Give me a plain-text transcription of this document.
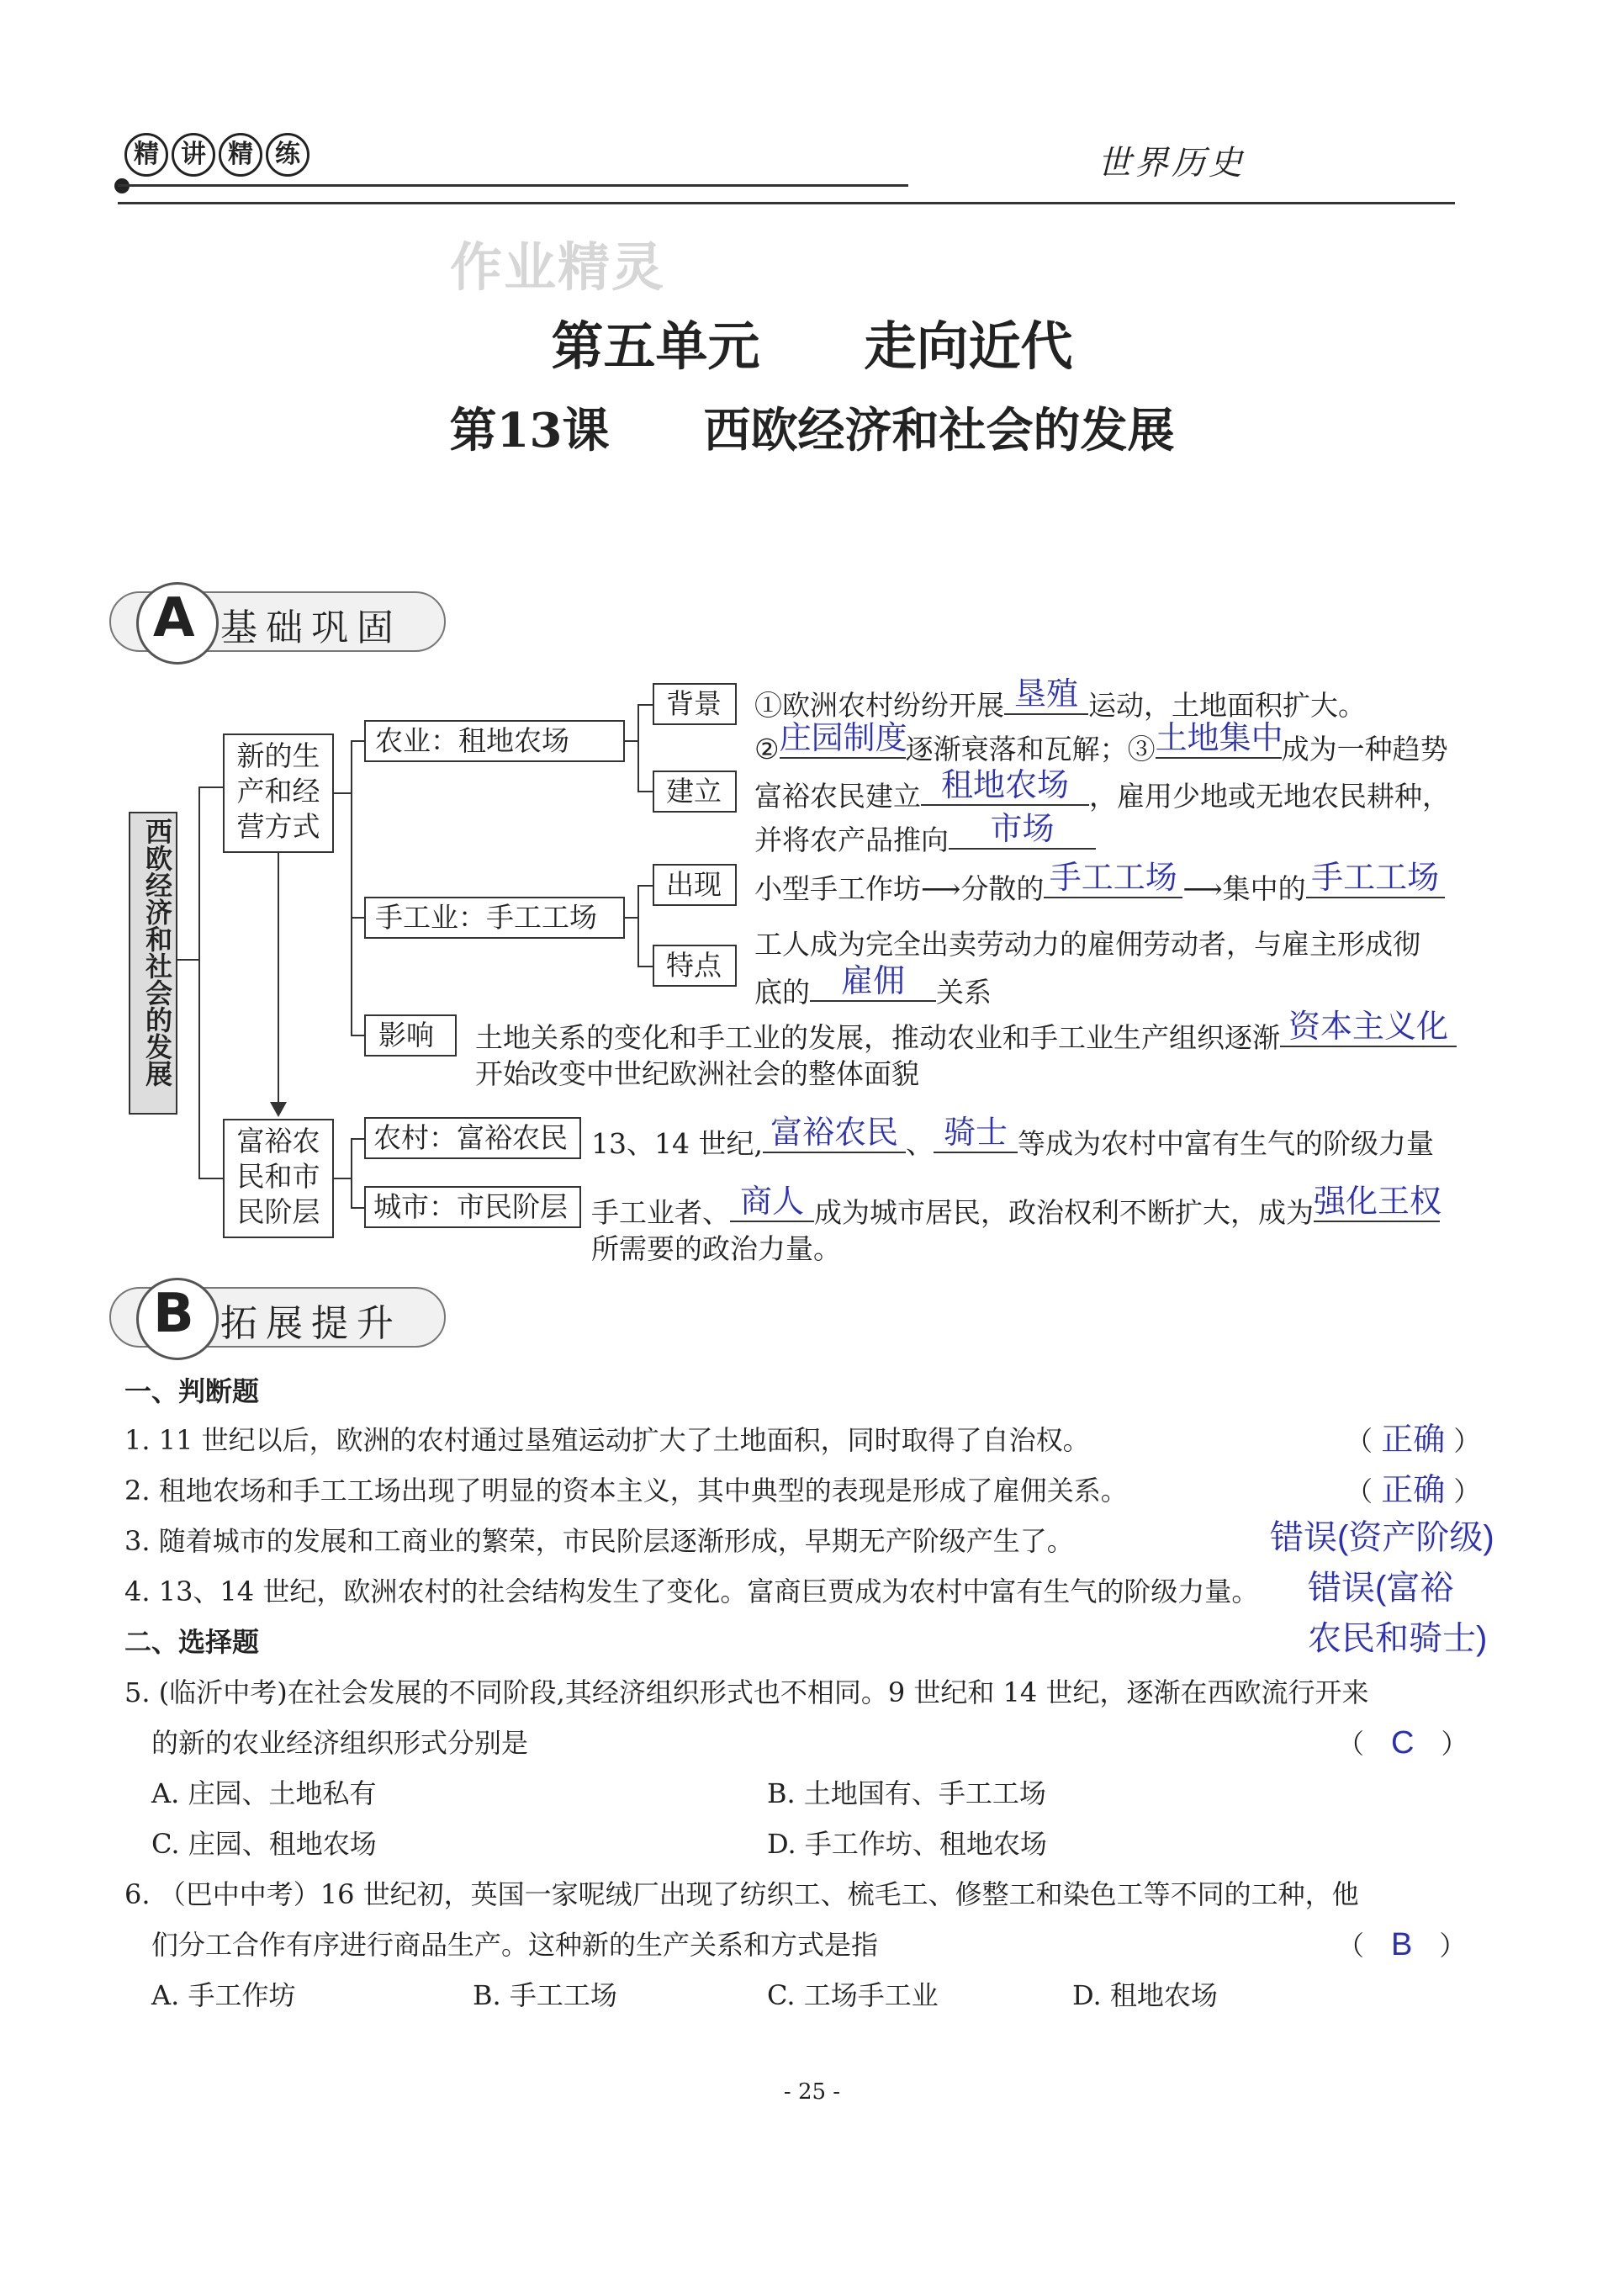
精 讲 精 练	世界历史
作业精灵
第五单元　　走向近代
第13课　　西欧经济和社会的发展
A 基础巩固
西欧经济和社会的发展
新的生产和经营方式
富裕农民和市民阶层
农业：租地农场
手工业：手工工场
影响
背景
建立
出现
特点
农村：富裕农民
城市：市民阶层
①欧洲农村纷纷开展 垦殖 运动，土地面积扩大。
② 庄园制度
逐渐衰落和瓦解；③ 土地集中
成为一种趋势
富裕农民建立 租地农场 ，雇用少地或无地农民耕种，
并将农产品推向	市场
小型手工作坊⟶分散的 手工工场 ⟶集中的 手工工场
工人成为完全出卖劳动力的雇佣劳动者，与雇主形成彻
底的 雇佣	关系
土地关系的变化和手工业的发展，推动农业和手工业生产组织逐渐 资本主义化
开始改变中世纪欧洲社会的整体面貌
13、14 世纪, 富裕农民 、 骑士 等成为农村中富有生气的阶级力量
手工业者、 商人 成为城市居民，政治权利不断扩大，成为 强化王权
所需要的政治力量。
B 拓展提升
一、判断题
1. 11 世纪以后，欧洲的农村通过垦殖运动扩大了土地面积，同时取得了自治权。	（ 正确 ）
2. 租地农场和手工工场出现了明显的资本主义，其中典型的表现是形成了雇佣关系。	（ 正确 ）
3. 随着城市的发展和工商业的繁荣，市民阶层逐渐形成，早期无产阶级产生了。	错误(资产阶级)
4. 13、14 世纪，欧洲农村的社会结构发生了变化。富商巨贾成为农村中富有生气的阶级力量。 错误(富裕
农民和骑士)
二、选择题
5. (临沂中考)在社会发展的不同阶段,其经济组织形式也不相同。9 世纪和 14 世纪，逐渐在西欧流行开来
的新的农业经济组织形式分别是	（　C　）
A. 庄园、土地私有	B. 土地国有、手工工场
C. 庄园、租地农场	D. 手工作坊、租地农场
6. （巴中中考）16 世纪初，英国一家呢绒厂出现了纺织工、梳毛工、修整工和染色工等不同的工种，他
们分工合作有序进行商品生产。这种新的生产关系和方式是指	（　B　）
A. 手工作坊	B. 手工工场	C. 工场手工业	D. 租地农场
- 25 -
